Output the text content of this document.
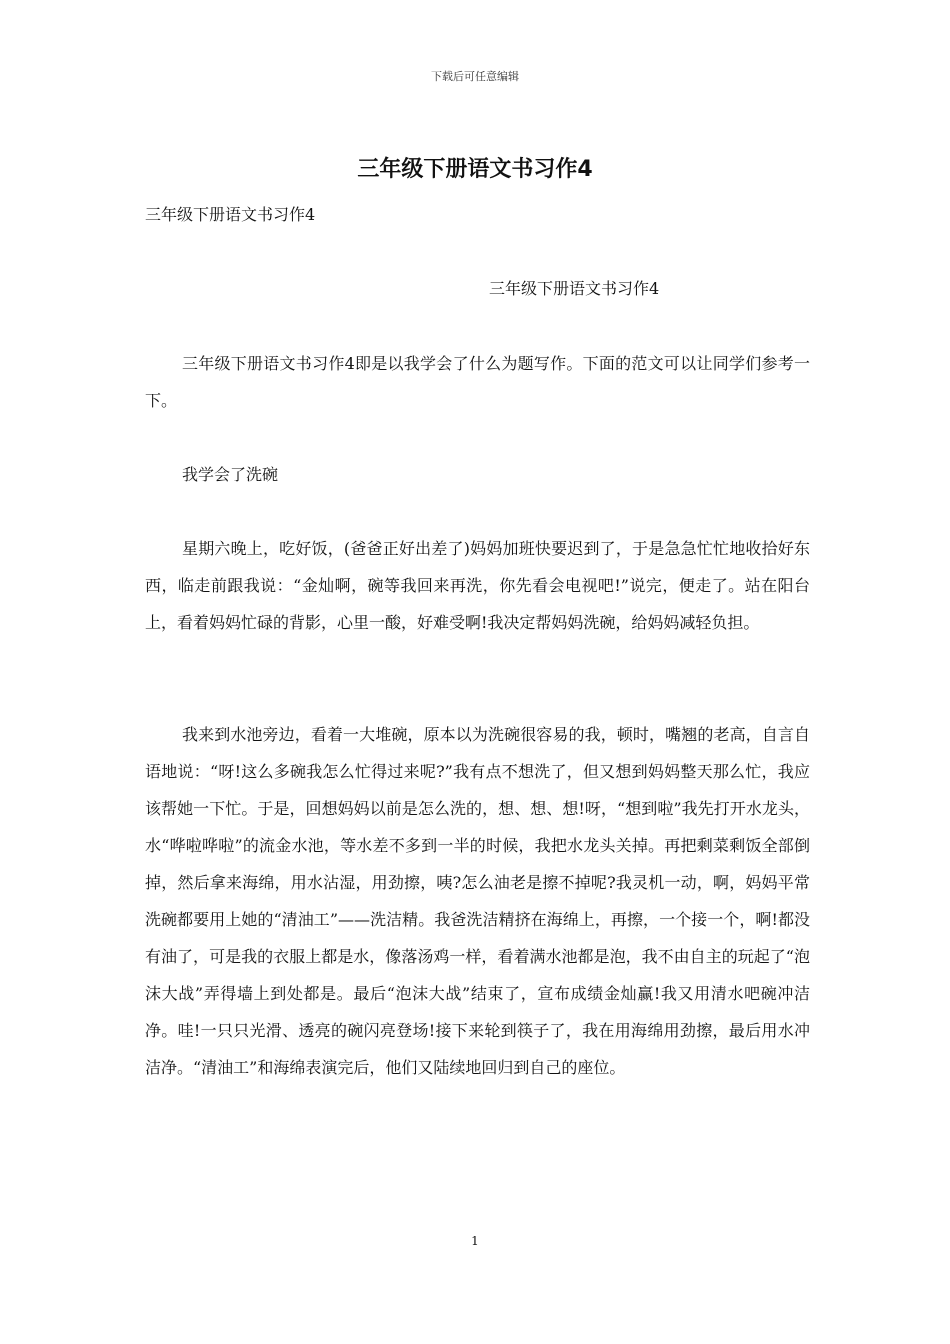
下载后可任意编辑
三年级下册语文书习作4
三年级下册语文书习作4
三年级下册语文书习作4

三年级下册语文书习作4即是以我学会了什么为题写作。下面的范文可以让同学们参考一下。

我学会了洗碗

星期六晚上，吃好饭，(爸爸正好出差了)妈妈加班快要迟到了，于是急急忙忙地收拾好东西，临走前跟我说：“金灿啊，碗等我回来再洗，你先看会电视吧!”说完，便走了。站在阳台上，看着妈妈忙碌的背影，心里一酸，好难受啊!我决定帮妈妈洗碗，给妈妈减轻负担。

我来到水池旁边，看着一大堆碗，原本以为洗碗很容易的我，顿时，嘴翘的老高，自言自语地说：“呀!这么多碗我怎么忙得过来呢?”我有点不想洗了，但又想到妈妈整天那么忙，我应该帮她一下忙。于是，回想妈妈以前是怎么洗的，想、想、想!呀，“想到啦”我先打开水龙头，水“哗啦哗啦”的流金水池，等水差不多到一半的时候，我把水龙头关掉。再把剩菜剩饭全部倒掉，然后拿来海绵，用水沾湿，用劲擦，咦?怎么油老是擦不掉呢?我灵机一动，啊，妈妈平常洗碗都要用上她的“清油工”——洗洁精。我爸洗洁精挤在海绵上，再擦，一个接一个，啊!都没有油了，可是我的衣服上都是水，像落汤鸡一样，看着满水池都是泡，我不由自主的玩起了“泡沫大战”弄得墙上到处都是。最后“泡沫大战”结束了，宣布成绩金灿赢!我又用清水吧碗冲洁净。哇!一只只光滑、透亮的碗闪亮登场!接下来轮到筷子了，我在用海绵用劲擦，最后用水冲洁净。“清油工”和海绵表演完后，他们又陆续地回归到自己的座位。

1
